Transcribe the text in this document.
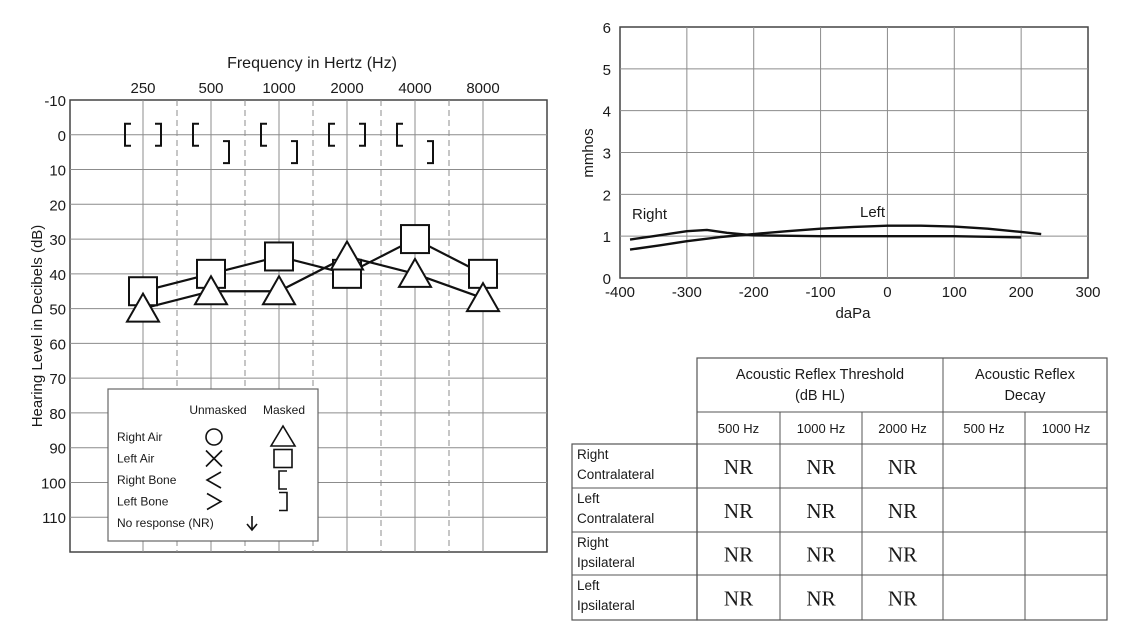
-10
0
10
20
30
40
50
60
70
80
90
100
110
250	500	1000 2000 4000 8000
Frequency in Hertz (Hz)
Hearing Level in Decibels (dB)	Unmasked Masked
Right Air
Left Air
Right Bone
Left Bone
No response (NR)
0
1
2
3
4
5
6
-400 -300 -200 -100	0	100	200	300
daPa
mmhos
Right	Left
Acoustic Reflex Threshold
(dB HL)
Acoustic Reflex
Decay
500 Hz	1000 Hz	2000 Hz	500 Hz	1000 Hz
Right
Contralateral	NR	NR NR
Left
Contralateral	NR	NR NR
Right
Ipsilateral	NR	NR NR
Left
Ipsilateral	NR	NR NR
